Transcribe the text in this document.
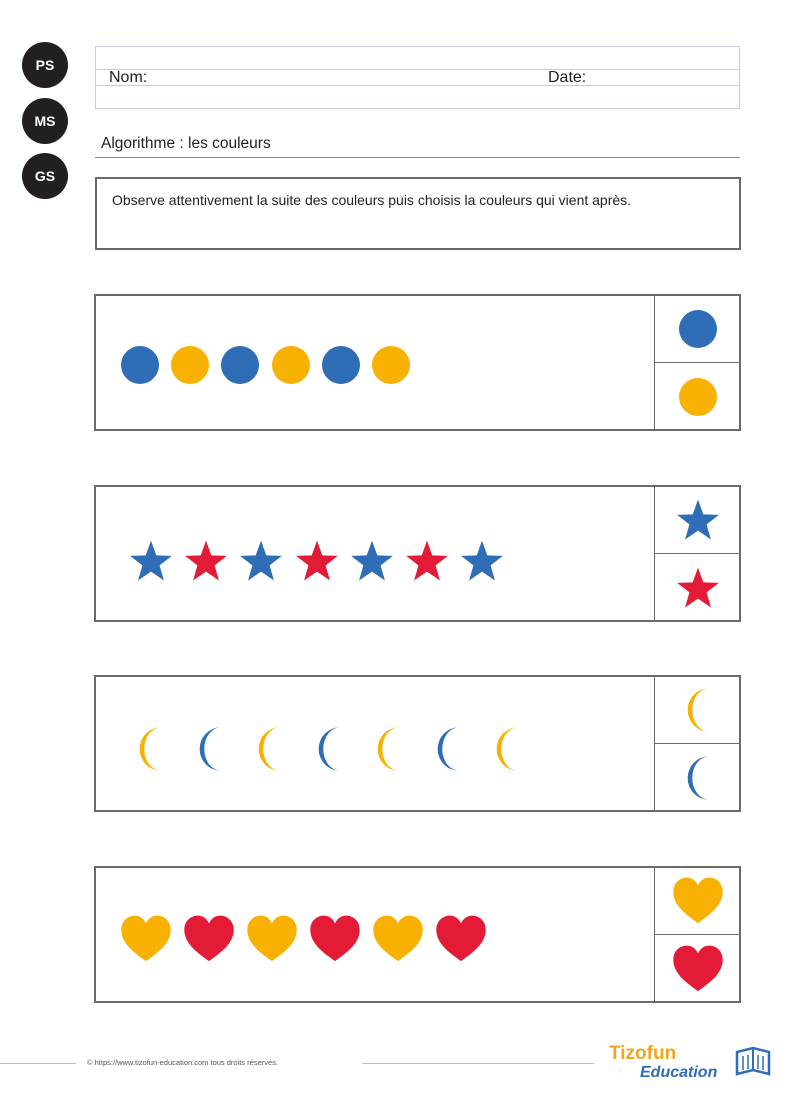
PS
MS
GS
Nom:	Date:
Algorithme : les couleurs
Observe attentivement la suite des couleurs puis choisis la couleurs qui vient après.
© https://www.tizofun-education.com tous droits réservés.	Tizofun
Education
